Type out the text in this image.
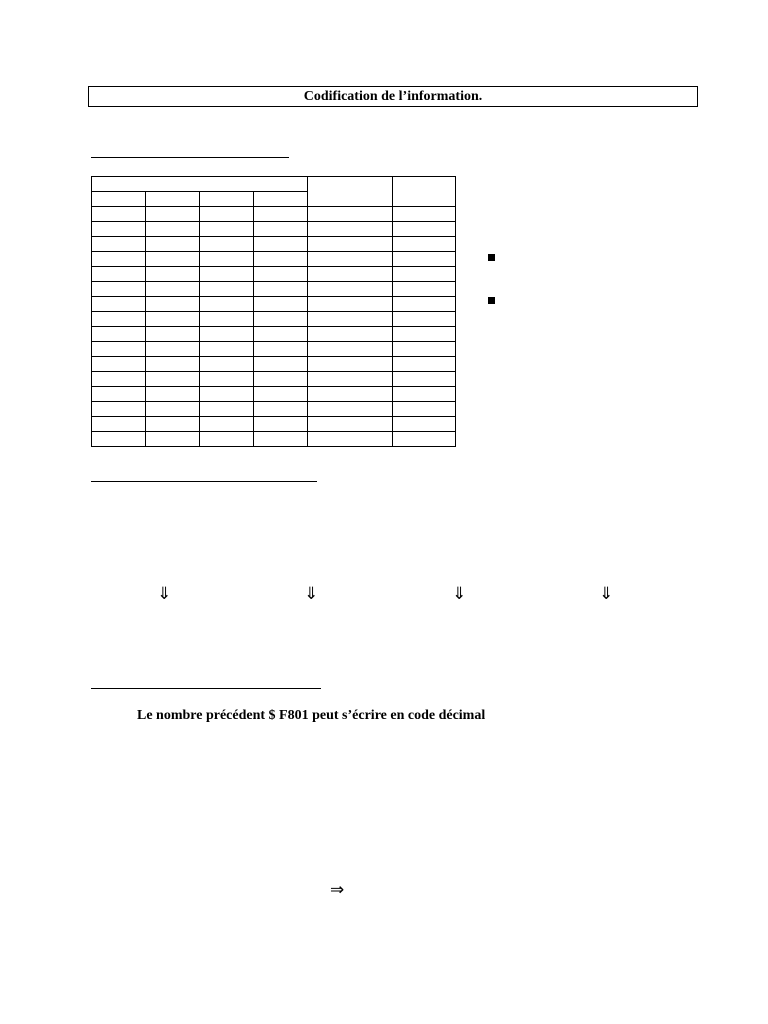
Codification de l’information.

⇓	⇓	⇓	⇓
Le nombre précédent $ F801 peut s’écrire en code décimal
⇒
